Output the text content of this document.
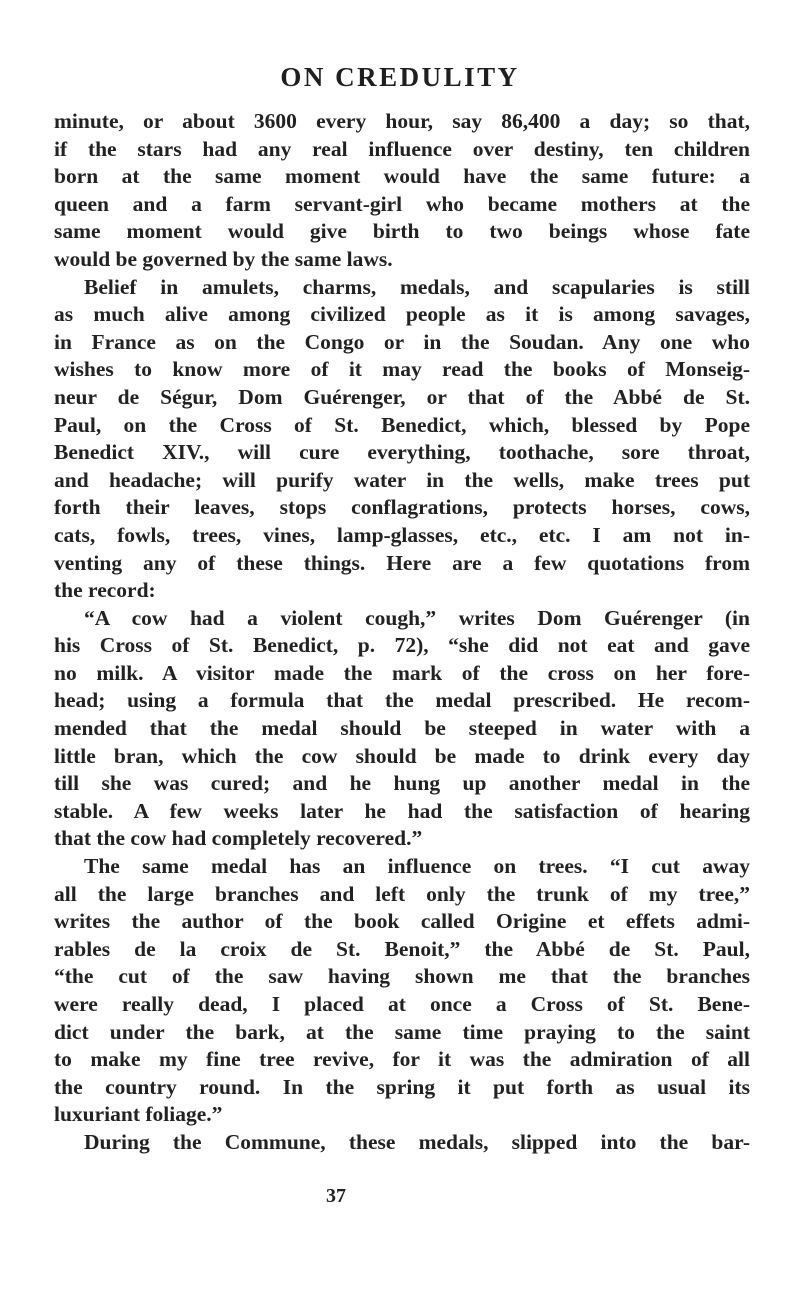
ON CREDULITY
minute, or about 3600 every hour, say 86,400 a day; so that,
if the stars had any real influence over destiny, ten children
born at the same moment would have the same future: a
queen and a farm servant-girl who became mothers at the
same moment would give birth to two beings whose fate
would be governed by the same laws.
Belief in amulets, charms, medals, and scapularies is still
as much alive among civilized people as it is among savages,
in France as on the Congo or in the Soudan. Any one who
wishes to know more of it may read the books of Monseig-
neur de Ségur, Dom Guérenger, or that of the Abbé de St.
Paul, on the Cross of St. Benedict, which, blessed by Pope
Benedict XIV., will cure everything, toothache, sore throat,
and headache; will purify water in the wells, make trees put
forth their leaves, stops conflagrations, protects horses, cows,
cats, fowls, trees, vines, lamp-glasses, etc., etc. I am not in-
venting any of these things. Here are a few quotations from
the record:
“A cow had a violent cough,” writes Dom Guérenger (in
his Cross of St. Benedict, p. 72), “she did not eat and gave
no milk. A visitor made the mark of the cross on her fore-
head; using a formula that the medal prescribed. He recom-
mended that the medal should be steeped in water with a
little bran, which the cow should be made to drink every day
till she was cured; and he hung up another medal in the
stable. A few weeks later he had the satisfaction of hearing
that the cow had completely recovered.”
The same medal has an influence on trees. “I cut away
all the large branches and left only the trunk of my tree,”
writes the author of the book called Origine et effets admi-
rables de la croix de St. Benoit,” the Abbé de St. Paul,
“the cut of the saw having shown me that the branches
were really dead, I placed at once a Cross of St. Bene-
dict under the bark, at the same time praying to the saint
to make my fine tree revive, for it was the admiration of all
the country round. In the spring it put forth as usual its
luxuriant foliage.”
During the Commune, these medals, slipped into the bar-
37
